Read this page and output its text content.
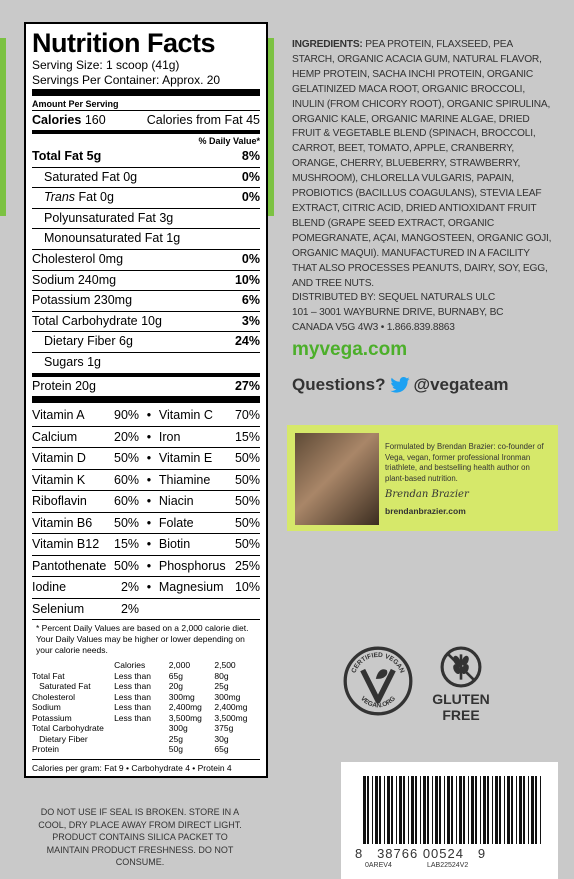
Nutrition Facts
Serving Size: 1 scoop (41g)
Servings Per Container: Approx. 20
Amount Per Serving
Calories 160	Calories from Fat 45
% Daily Value*
Total Fat 5g	8%
Saturated Fat 0g	0%
Trans Fat 0g	0%
Polyunsaturated Fat 3g
Monounsaturated Fat 1g
Cholesterol 0mg	0%
Sodium 240mg	10%
Potassium 230mg	6%
Total Carbohydrate 10g	3%
Dietary Fiber 6g	24%
Sugars 1g
Protein 20g	27%
Vitamin A	90% • Vitamin C	70%
Calcium	20% • Iron	15%
Vitamin D	50% • Vitamin E	50%
Vitamin K	60% • Thiamine	50%
Riboflavin	60% • Niacin	50%
Vitamin B6	50% • Folate	50%
Vitamin B12	15% • Biotin	50%
Pantothenate 50% • Phosphorus 25%
Iodine	2% • Magnesium 10%
Selenium	2%
* Percent Daily Values are based on a 2,000 calorie diet. Your Daily Values may be higher or lower depending on your calorie needs.
	Calories	2,000	2,500
Total Fat	Less than	65g	80g
Saturated Fat	Less than	20g	25g
Cholesterol	Less than	300mg	300mg
Sodium	Less than	2,400mg	2,400mg
Potassium	Less than	3,500mg	3,500mg
Total Carbohydrate		300g	375g
Dietary Fiber		25g	30g
Protein		50g	65g
Calories per gram: Fat 9 • Carbohydrate 4 • Protein 4
INGREDIENTS: PEA PROTEIN, FLAXSEED, PEA STARCH, ORGANIC ACACIA GUM, NATURAL FLAVOR, HEMP PROTEIN, SACHA INCHI PROTEIN, ORGANIC GELATINIZED MACA ROOT, ORGANIC BROCCOLI, INULIN (FROM CHICORY ROOT), ORGANIC SPIRULINA, ORGANIC KALE, ORGANIC MARINE ALGAE, DRIED FRUIT & VEGETABLE BLEND (SPINACH, BROCCOLI, CARROT, BEET, TOMATO, APPLE, CRANBERRY, ORANGE, CHERRY, BLUEBERRY, STRAWBERRY, MUSHROOM), CHLORELLA VULGARIS, PAPAIN, PROBIOTICS (BACILLUS COAGULANS), STEVIA LEAF EXTRACT, CITRIC ACID, DRIED ANTIOXIDANT FRUIT BLEND (GRAPE SEED EXTRACT, ORGANIC POMEGRANATE, AÇAI, MANGOSTEEN, ORGANIC GOJI, ORGANIC MAQUI). MANUFACTURED IN A FACILITY THAT ALSO PROCESSES PEANUTS, DAIRY, SOY, EGG, AND TREE NUTS.
DISTRIBUTED BY: SEQUEL NATURALS ULC
101 – 3001 WAYBURNE DRIVE, BURNABY, BC
CANADA V5G 4W3 • 1.866.839.8863
myvega.com
Questions? @vegateam
Formulated by Brendan Brazier: co-founder of Vega, vegan, former professional Ironman triathlete, and bestselling health author on plant-based nutrition.
Brendan Brazier
brendanbrazier.com
CERTIFIED VEGAN
VEGAN.ORG	GLUTEN
FREE
8   38766 00524   9
0AREV4	LAB22524V2
DO NOT USE IF SEAL IS BROKEN. STORE IN A COOL, DRY PLACE AWAY FROM DIRECT LIGHT. PRODUCT CONTAINS SILICA PACKET TO MAINTAIN PRODUCT FRESHNESS. DO NOT CONSUME.
